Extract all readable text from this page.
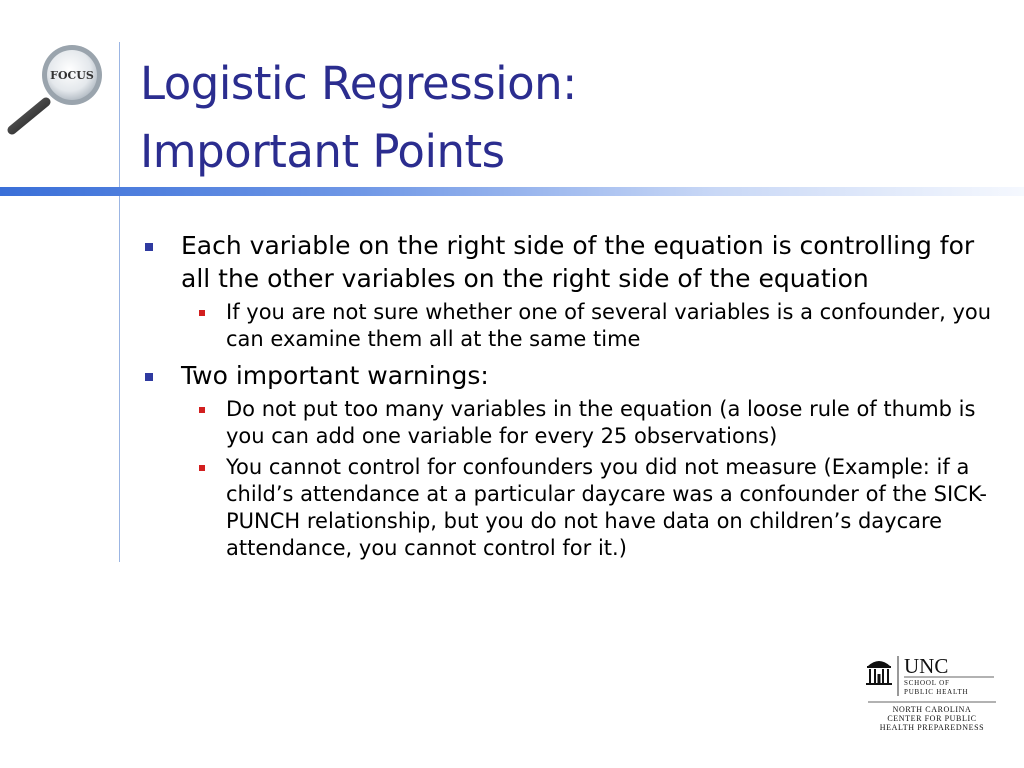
FOCUS Logistic Regression:
Important Points
Each variable on the right side of the equation is controlling for all the other variables on the right side of the equation
If you are not sure whether one of several variables is a confounder, you can examine them all at the same time
Two important warnings:
Do not put too many variables in the equation (a loose rule of thumb is you can add one variable for every 25 observations)
You cannot control for confounders you did not measure (Example: if a child’s attendance at a particular daycare was a confounder of the SICK-PUNCH relationship, but you do not have data on children’s daycare attendance, you cannot control for it.)
UNC
SCHOOL OF
PUBLIC HEALTH
NORTH CAROLINA
CENTER FOR PUBLIC
HEALTH PREPAREDNESS
